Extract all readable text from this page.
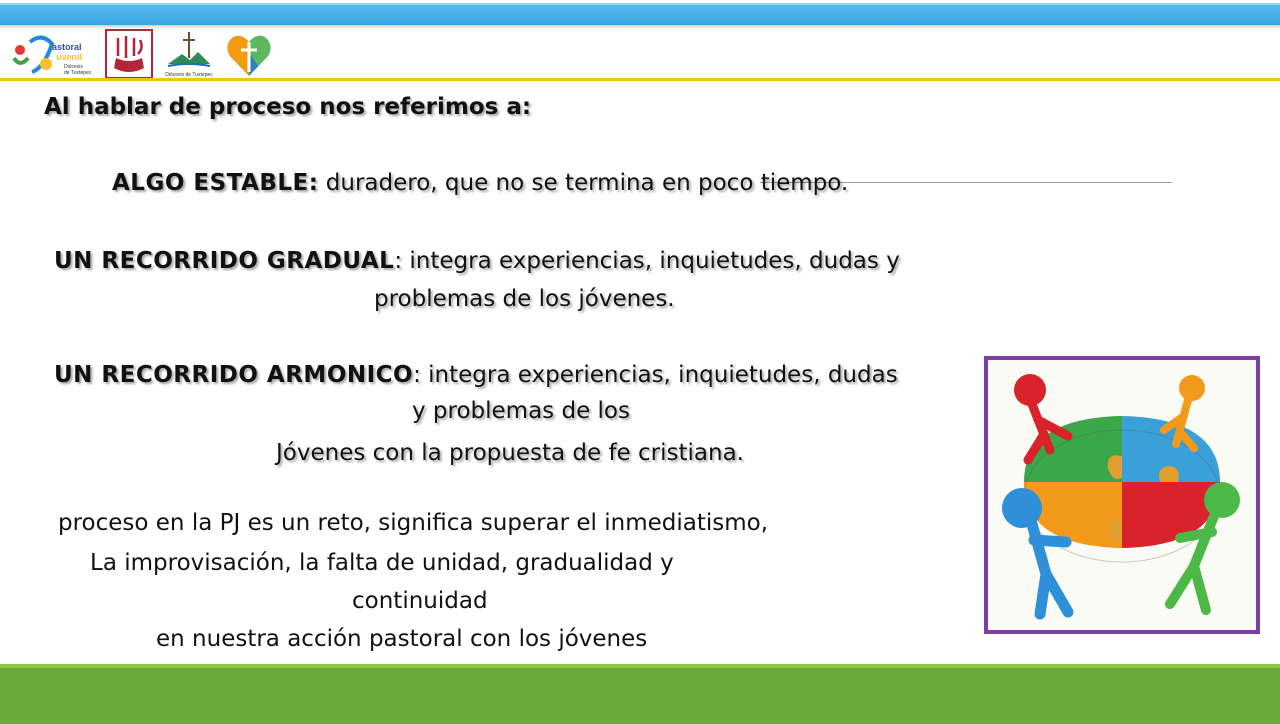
astoral
uvenil
Diócesis
de Tuxtepec	Diócesis de Tuxtepec
Al hablar de proceso nos referimos a:
ALGO ESTABLE: duradero, que no se termina en poco tiempo.
UN RECORRIDO GRADUAL: integra experiencias, inquietudes, dudas y
problemas de los jóvenes.
UN RECORRIDO ARMONICO: integra experiencias, inquietudes, dudas
y problemas de los
Jóvenes con la propuesta de fe cristiana.
proceso en la PJ es un reto, significa superar el inmediatismo,
La improvisación, la falta de unidad, gradualidad y
continuidad
en nuestra acción pastoral con los jóvenes
